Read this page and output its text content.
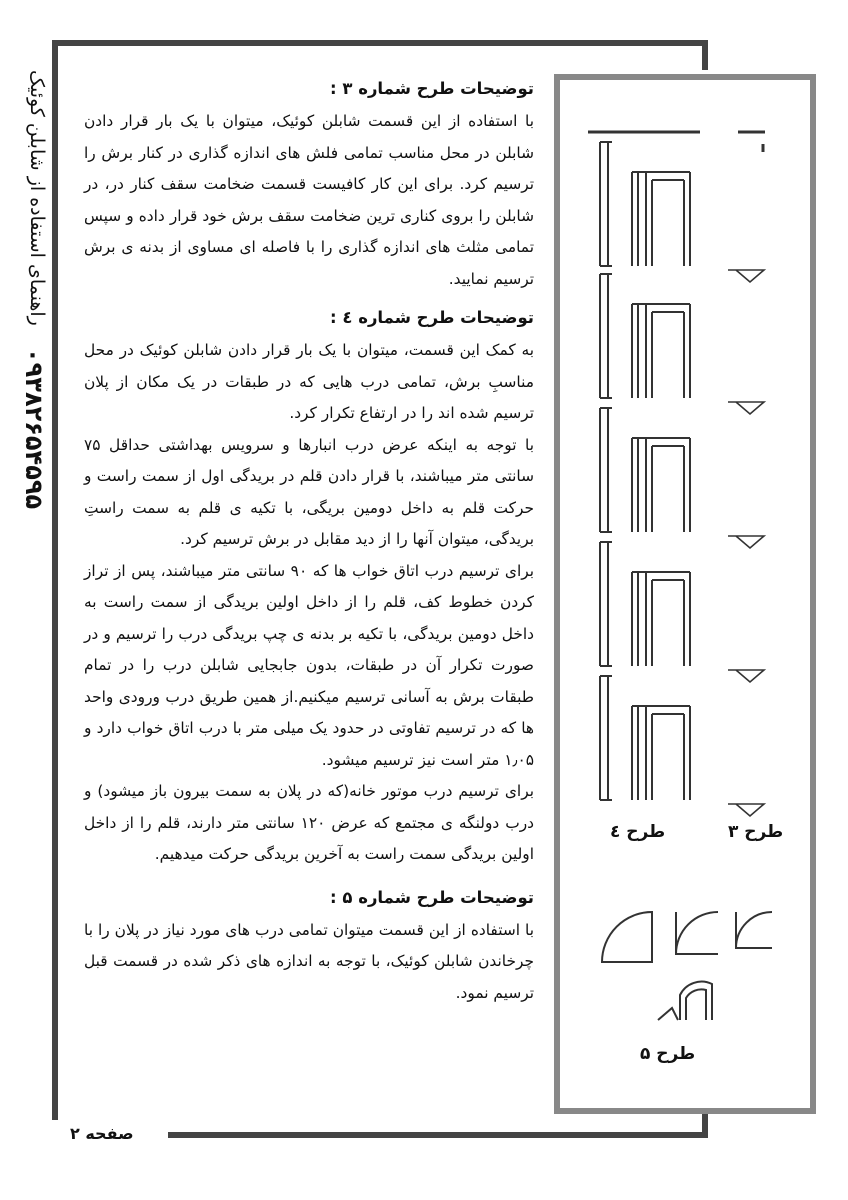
راهنمای استفاده از شابلن کوئیک
۰۹۳۸۲۶۵۴۵۹۵
توضیحات طرح شماره ۳ :

با استفاده از این قسمت شابلن کوئیک، میتوان با یک بار قرار دادن شابلن در محل مناسب تمامی فلش های اندازه گذاری در کنار برش را ترسیم کرد. برای این کار کافیست قسمت ضخامت سقف کنار در، در شابلن را بروی کناری ترین ضخامت سقف برش خود قرار داده و سپس تمامی مثلث های اندازه گذاری را با فاصله ای مساوی از بدنه ی برش ترسیم نمایید.

توضیحات طرح شماره ٤ :

به کمک این قسمت، میتوان با یک بار قرار دادن شابلن کوئیک در محل مناسبِ برش، تمامی درب هایی که در طبقات در یک مکان از پلان ترسیم شده اند را در ارتفاع تکرار کرد.

با توجه به اینکه عرض درب انبارها و سرویس بهداشتی حداقل ۷۵ سانتی متر میباشند، با قرار دادن قلم در بریدگی اول از سمت راست و حرکت قلم به داخل دومین بریگی، با تکیه ی قلم به سمت راستِ بریدگی، میتوان آنها را از دید مقابل در برش ترسیم کرد.

برای ترسیم درب اتاق خواب ها که ۹۰ سانتی متر میباشند، پس از تراز کردن خطوط کف، قلم را از داخل اولین بریدگی از سمت راست به داخل دومین بریدگی، با تکیه بر بدنه ی چپ بریدگی درب را ترسیم و در صورت تکرار آن در طبقات، بدون جابجایی شابلن درب را در تمام طبقات برش به آسانی ترسیم میکنیم.از همین طریق درب ورودی واحد ها که در ترسیم تفاوتی در حدود یک میلی متر با درب اتاق خواب دارد و ۱٫۰۵ متر است نیز ترسیم میشود.

برای ترسیم درب موتور خانه(که در پلان به سمت بیرون باز میشود) و درب دولنگه ی مجتمع که عرض ۱۲۰ سانتی متر دارند، قلم را از داخل اولین بریدگی سمت راست به آخرین بریدگی حرکت میدهیم.

توضیحات طرح شماره ۵ :

با استفاده از این قسمت میتوان تمامی درب های مورد نیاز در پلان را با چرخاندن شابلن کوئیک، با توجه به اندازه های ذکر شده در قسمت قبل ترسیم نمود.

طرح ۳
طرح ٤
طرح ۵
صفحه ۲
